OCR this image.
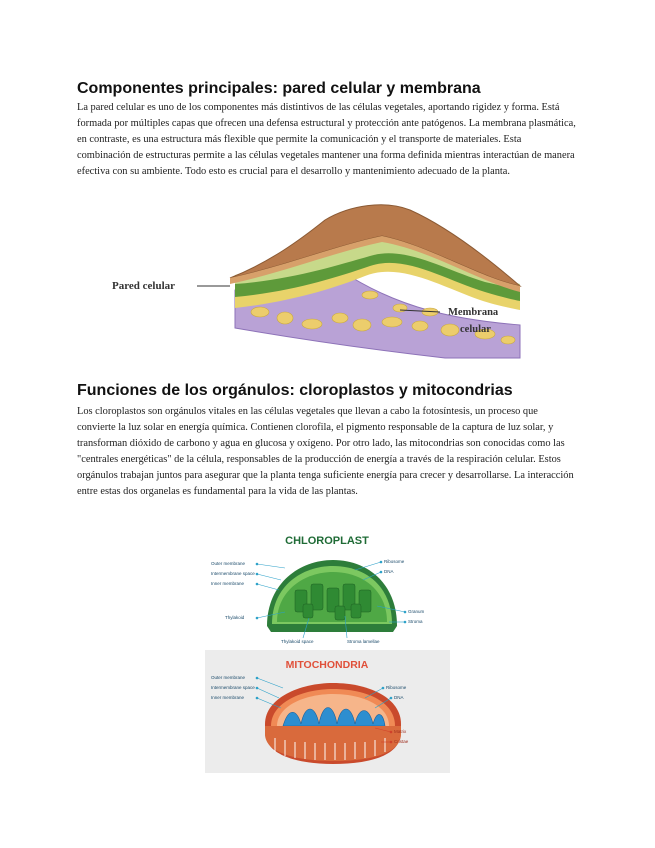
Componentes principales: pared celular y membrana
La pared celular es uno de los componentes más distintivos de las células vegetales, aportando rigidez y forma. Está formada por múltiples capas que ofrecen una defensa estructural y protección ante patógenos. La membrana plasmática, en contraste, es una estructura más flexible que permite la comunicación y el transporte de materiales. Esta combinación de estructuras permite a las células vegetales mantener una forma definida mientras interactúan de manera efectiva con su ambiente. Todo esto es crucial para el desarrollo y mantenimiento adecuado de la planta.
Pared celular
Membrana
celular
Funciones de los orgánulos: cloroplastos y mitocondrias
Los cloroplastos son orgánulos vitales en las células vegetales que llevan a cabo la fotosíntesis, un proceso que convierte la luz solar en energía química. Contienen clorofila, el pigmento responsable de la captura de luz solar, y transforman dióxido de carbono y agua en glucosa y oxígeno. Por otro lado, las mitocondrias son conocidas como las "centrales energéticas" de la célula, responsables de la producción de energía a través de la respiración celular. Estos orgánulos trabajan juntos para asegurar que la planta tenga suficiente energía para crecer y desarrollarse. La interacción entre estas dos organelas es fundamental para la vida de las plantas.
CHLOROPLAST
Outer membrane
Intermembrane space
Inner membrane
Thylakoid
Ribosome
DNA
Granum
Stroma
Thylakoid space	Stroma lamellae
MITOCHONDRIA
Outer membrane
Intermembrane space
Inner membrane
Ribosome
DNA
Matrix
Cristae
